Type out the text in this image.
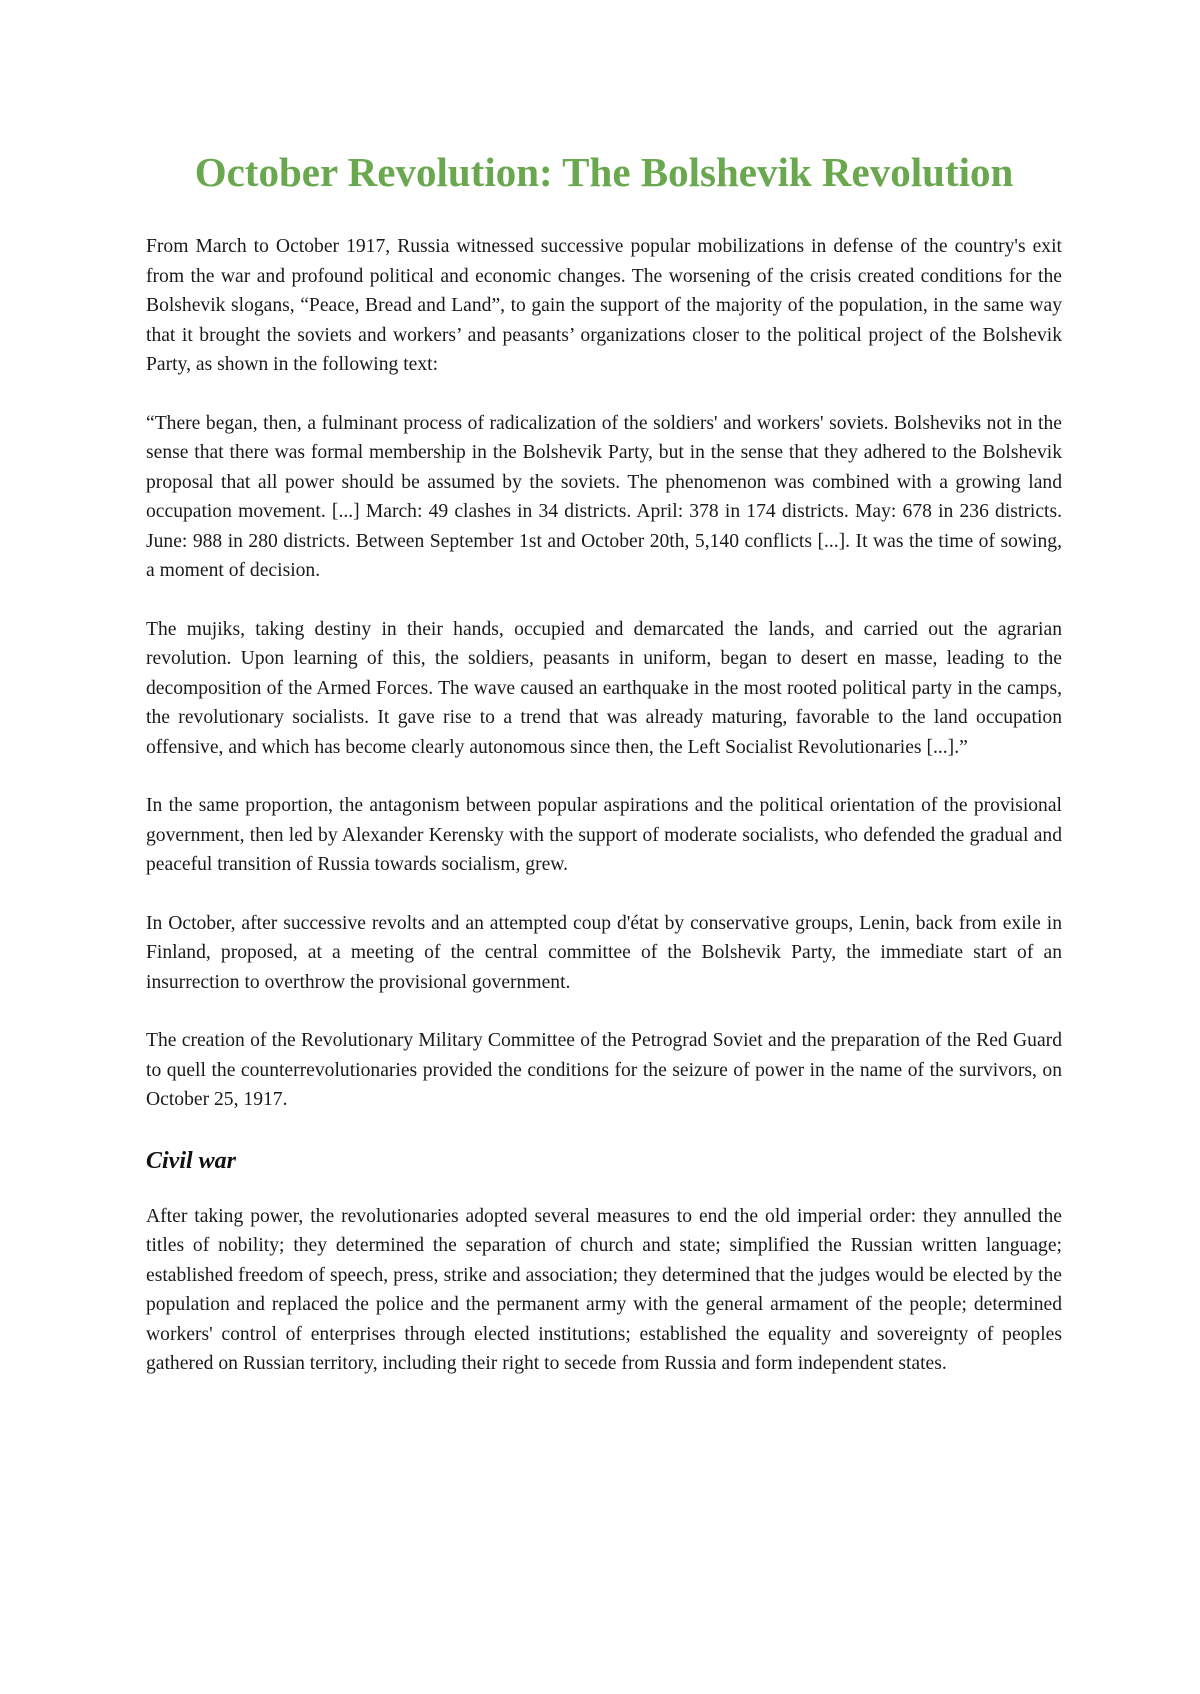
October Revolution: The Bolshevik Revolution

From March to October 1917, Russia witnessed successive popular mobilizations in defense of the country's exit from the war and profound political and economic changes. The worsening of the crisis created conditions for the Bolshevik slogans, “Peace, Bread and Land”, to gain the support of the majority of the population, in the same way that it brought the soviets and workers’ and peasants’ organizations closer to the political project of the Bolshevik Party, as shown in the following text:

“There began, then, a fulminant process of radicalization of the soldiers' and workers' soviets. Bolsheviks not in the sense that there was formal membership in the Bolshevik Party, but in the sense that they adhered to the Bolshevik proposal that all power should be assumed by the soviets. The phenomenon was combined with a growing land occupation movement. [...] March: 49 clashes in 34 districts. April: 378 in 174 districts. May: 678 in 236 districts. June: 988 in 280 districts. Between September 1st and October 20th, 5,140 conflicts [...]. It was the time of sowing, a moment of decision.

The mujiks, taking destiny in their hands, occupied and demarcated the lands, and carried out the agrarian revolution. Upon learning of this, the soldiers, peasants in uniform, began to desert en masse, leading to the decomposition of the Armed Forces. The wave caused an earthquake in the most rooted political party in the camps, the revolutionary socialists. It gave rise to a trend that was already maturing, favorable to the land occupation offensive, and which has become clearly autonomous since then, the Left Socialist Revolutionaries [...].”

In the same proportion, the antagonism between popular aspirations and the political orientation of the provisional government, then led by Alexander Kerensky with the support of moderate socialists, who defended the gradual and peaceful transition of Russia towards socialism, grew.

In October, after successive revolts and an attempted coup d'état by conservative groups, Lenin, back from exile in Finland, proposed, at a meeting of the central committee of the Bolshevik Party, the immediate start of an insurrection to overthrow the provisional government.

The creation of the Revolutionary Military Committee of the Petrograd Soviet and the preparation of the Red Guard to quell the counterrevolutionaries provided the conditions for the seizure of power in the name of the survivors, on October 25, 1917.

Civil war

After taking power, the revolutionaries adopted several measures to end the old imperial order: they annulled the titles of nobility; they determined the separation of church and state; simplified the Russian written language; established freedom of speech, press, strike and association; they determined that the judges would be elected by the population and replaced the police and the permanent army with the general armament of the people; determined workers' control of enterprises through elected institutions; established the equality and sovereignty of peoples gathered on Russian territory, including their right to secede from Russia and form independent states.
